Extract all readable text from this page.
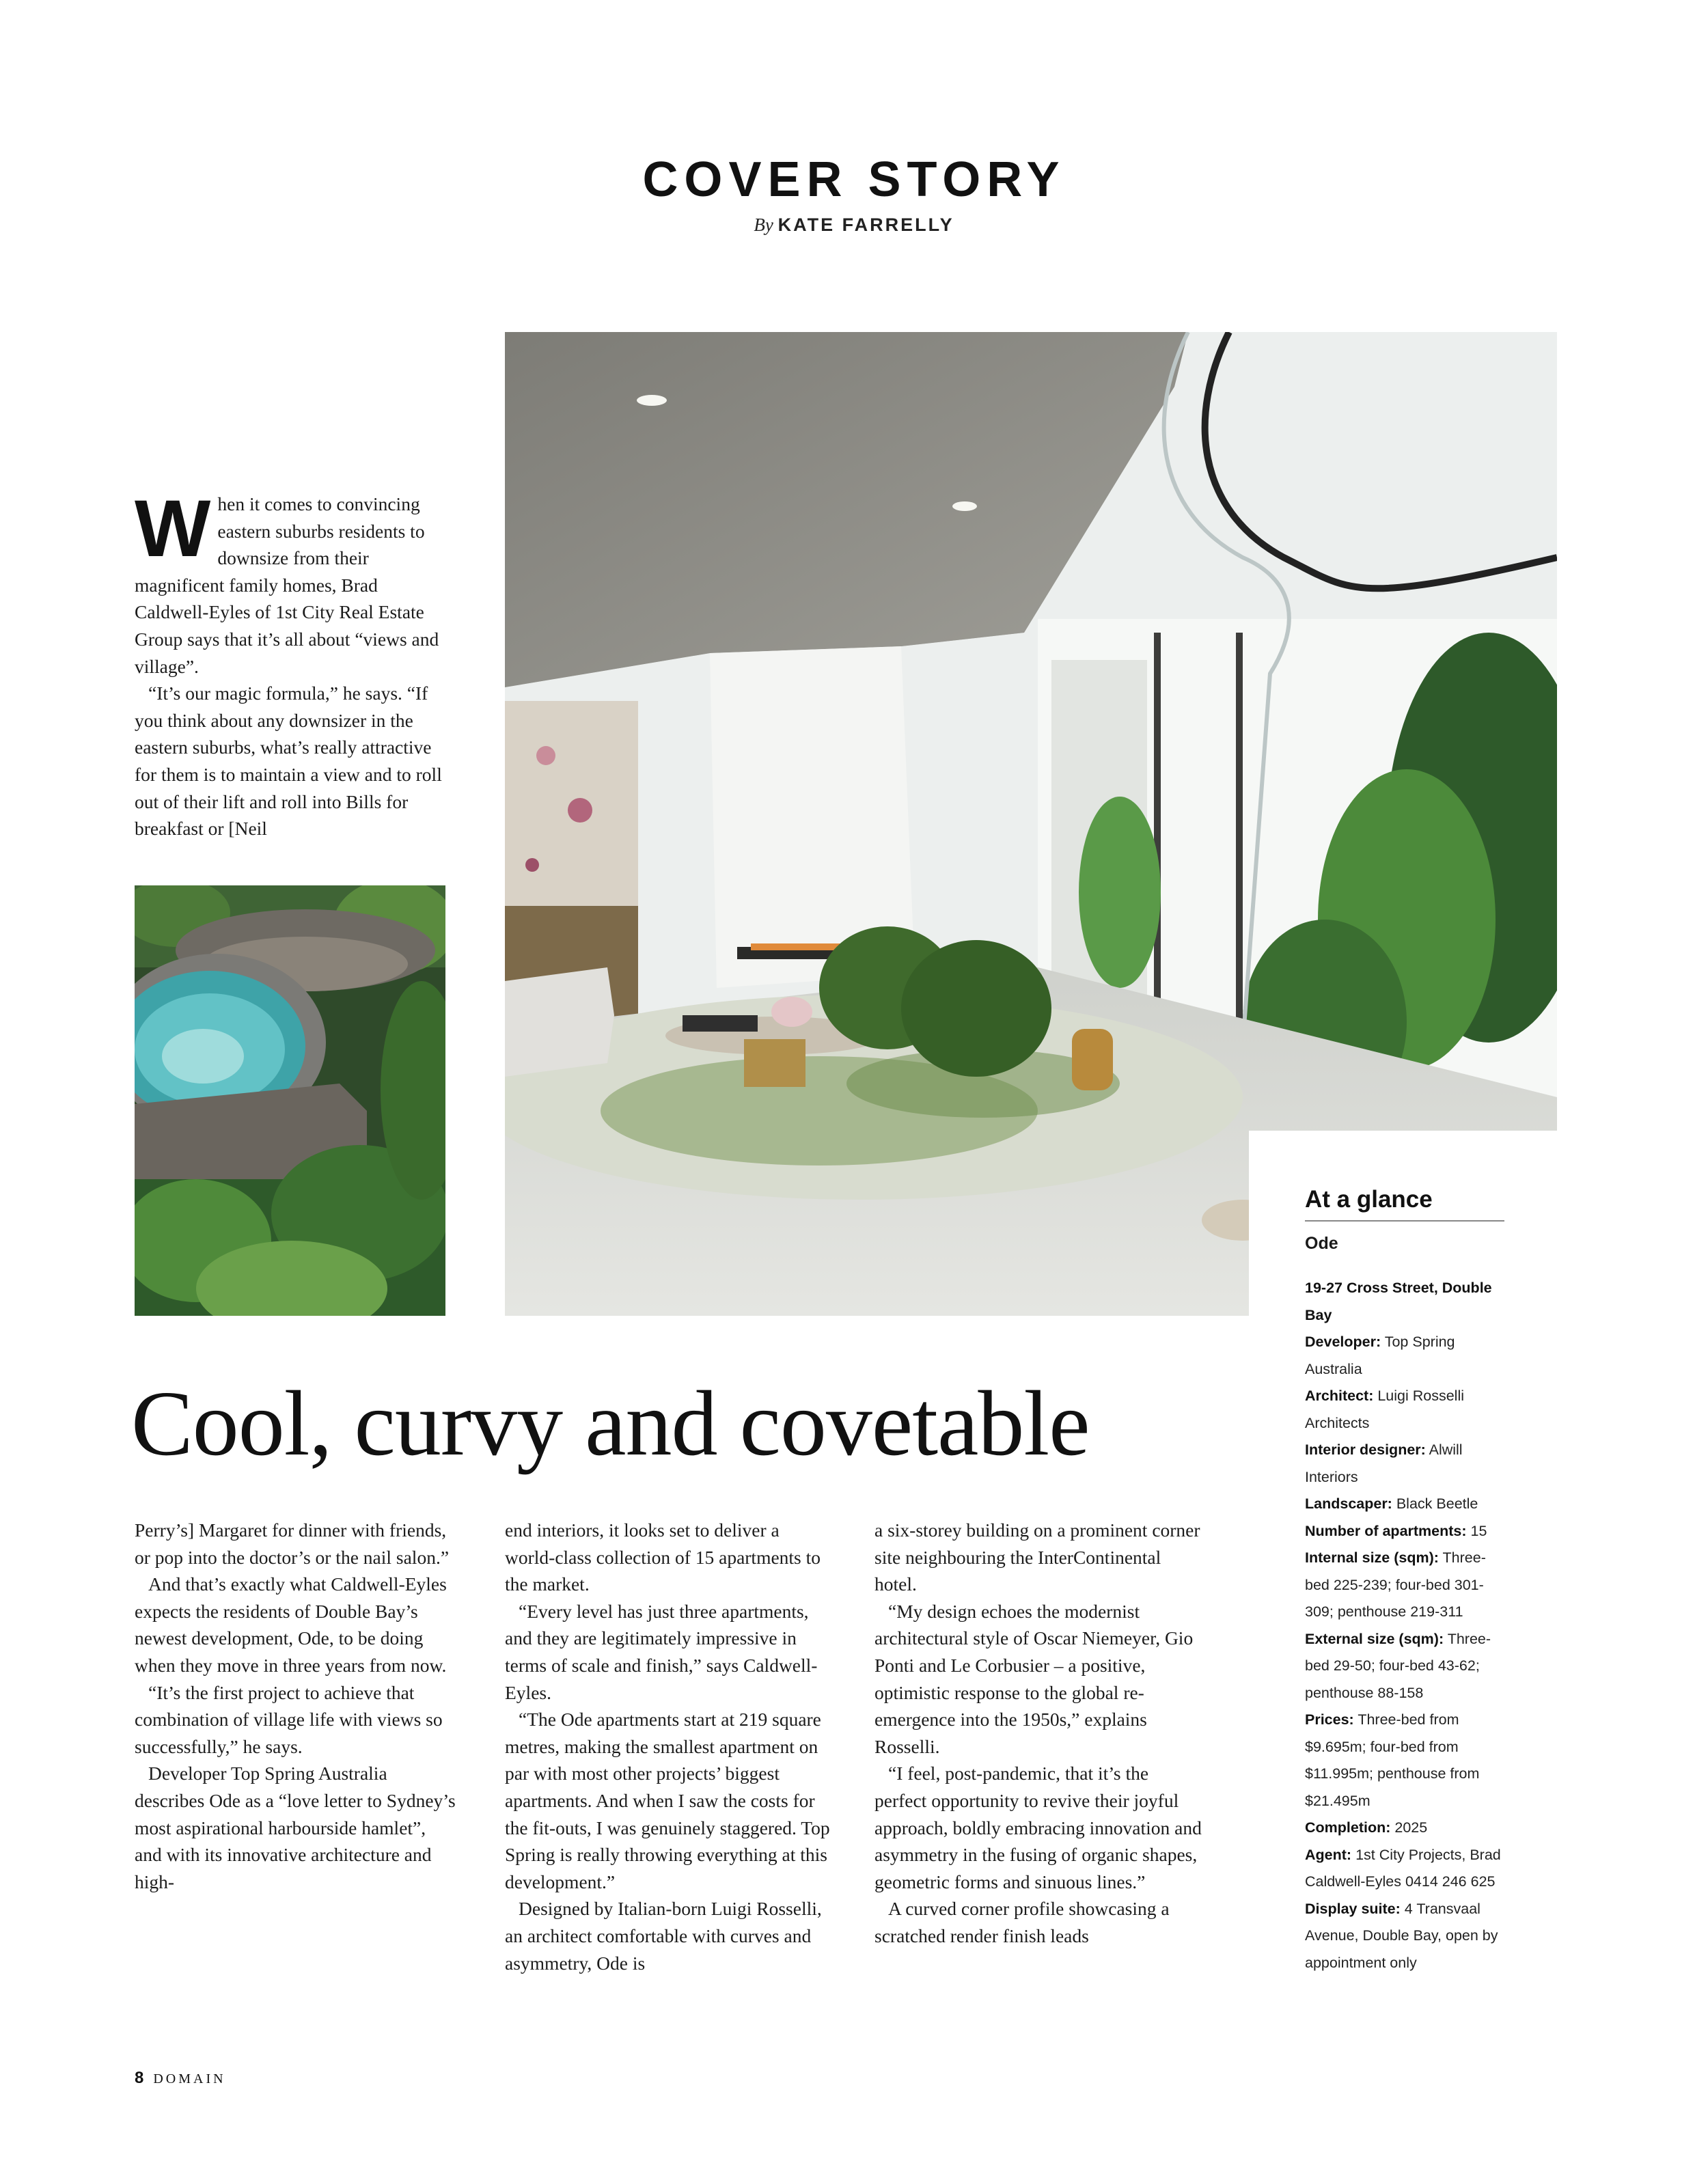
COVER STORY
By KATE FARRELLY

When it comes to convincing eastern suburbs residents to downsize from their magnificent family homes, Brad Caldwell-Eyles of 1st City Real Estate Group says that it’s all about “views and village”.

“It’s our magic formula,” he says. “If you think about any downsizer in the eastern suburbs, what’s really attractive for them is to maintain a view and to roll out of their lift and roll into Bills for breakfast or [Neil

Cool, curvy and covetable

Perry’s] Margaret for dinner with friends, or pop into the doctor’s or the nail salon.”

And that’s exactly what Caldwell-Eyles expects the residents of Double Bay’s newest development, Ode, to be doing when they move in three years from now.

“It’s the first project to achieve that combination of village life with views so successfully,” he says.

Developer Top Spring Australia describes Ode as a “love letter to Sydney’s most aspirational harbourside hamlet”, and with its innovative architecture and high-

end interiors, it looks set to deliver a world-class collection of 15 apartments to the market.

“Every level has just three apartments, and they are legitimately impressive in terms of scale and finish,” says Caldwell-Eyles.

“The Ode apartments start at 219 square metres, making the smallest apartment on par with most other projects’ biggest apartments. And when I saw the costs for the fit-outs, I was genuinely staggered. Top Spring is really throwing everything at this development.”

Designed by Italian-born Luigi Rosselli, an architect comfortable with curves and asymmetry, Ode is

a six-storey building on a prominent corner site neighbouring the InterContinental hotel.

“My design echoes the modernist architectural style of Oscar Niemeyer, Gio Ponti and Le Corbusier – a positive, optimistic response to the global re-emergence into the 1950s,” explains Rosselli.

“I feel, post-pandemic, that it’s the perfect opportunity to revive their joyful approach, boldly embracing innovation and asymmetry in the fusing of organic shapes, geometric forms and sinuous lines.”

A curved corner profile showcasing a scratched render finish leads

At a glance
Ode

19-27 Cross Street, Double Bay

Developer: Top Spring Australia

Architect: Luigi Rosselli Architects

Interior designer: Alwill Interiors

Landscaper: Black Beetle

Number of apartments: 15

Internal size (sqm): Three-bed 225-239; four-bed 301-309; penthouse 219-311

External size (sqm): Three-bed 29-50; four-bed 43-62; penthouse 88-158

Prices: Three-bed from $9.695m; four-bed from $11.995m; penthouse from $21.495m

Completion: 2025

Agent: 1st City Projects, Brad Caldwell-Eyles 0414 246 625

Display suite: 4 Transvaal Avenue, Double Bay, open by appointment only

8 DOMAIN
